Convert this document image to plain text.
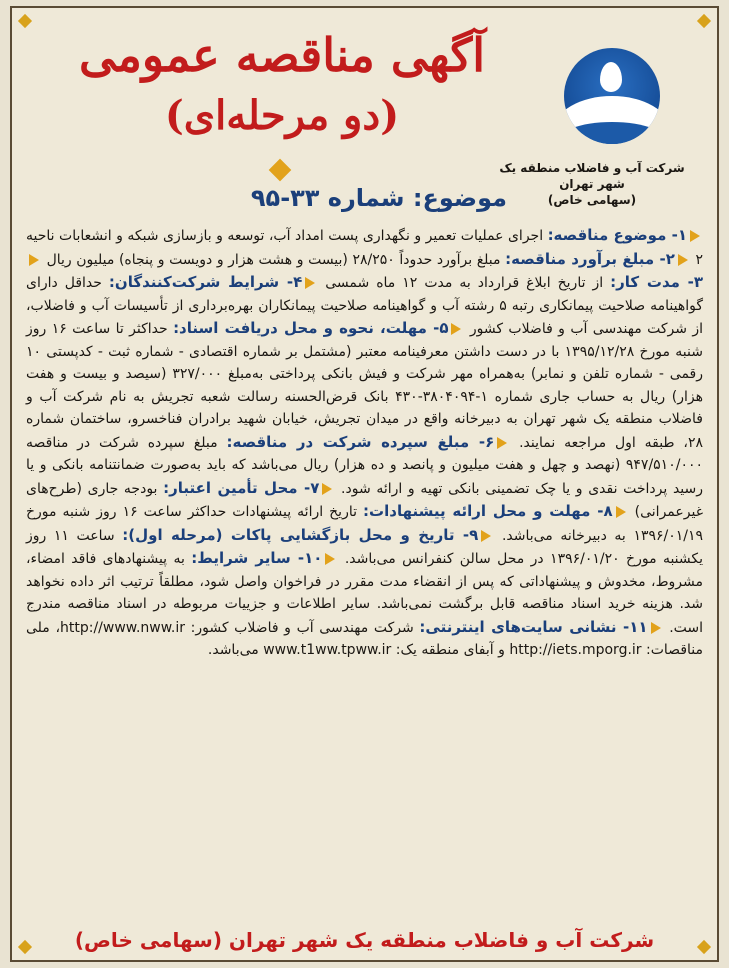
آگهی مناقصه عمومی
(دو مرحله‌ای)
شرکت آب و فاضلاب منطقه یک شهر تهران
(سهامی خاص)
موضوع: شماره ۳۳-۹۵
۱- موضوع مناقصه: اجرای عملیات تعمیر و نگهداری پست امداد آب، توسعه و بازسازی شبکه و انشعابات ناحیه ۲ ۲- مبلغ برآورد مناقصه: مبلغ برآورد حدوداً ۲۸/۲۵۰ (بیست و هشت هزار و دویست و پنجاه) میلیون ریال ۳- مدت کار: از تاریخ ابلاغ قرارداد به مدت ۱۲ ماه شمسی ۴- شرایط شرکت‌کنندگان: حداقل دارای گواهینامه صلاحیت پیمانکاری رتبه ۵ رشته آب و گواهینامه صلاحیت پیمانکاران بهره‌برداری از تأسیسات آب و فاضلاب، از شرکت مهندسی آب و فاضلاب کشور ۵- مهلت، نحوه و محل دریافت اسناد: حداکثر تا ساعت ۱۶ روز شنبه مورخ ۱۳۹۵/۱۲/۲۸ با در دست داشتن معرفینامه معتبر (مشتمل بر شماره اقتصادی - شماره ثبت - کدپستی ۱۰ رقمی - شماره تلفن و نمابر) به‌همراه مهر شرکت و فیش بانکی پرداختی به‌مبلغ ۳۲۷/۰۰۰ (سیصد و بیست و هفت هزار) ریال به حساب جاری شماره ۱-۳۸۰۴۰۹۴-۴۳۰ بانک قرض‌الحسنه رسالت شعبه تجریش به نام شرکت آب و فاضلاب منطقه یک شهر تهران به دبیرخانه واقع در میدان تجریش، خیابان شهید برادران فناخسرو، ساختمان شماره ۲۸، طبقه اول مراجعه نمایند. ۶- مبلغ سپرده شرکت در مناقصه: مبلغ سپرده شرکت در مناقصه ۹۴۷/۵۱۰/۰۰۰ (نهصد و چهل و هفت میلیون و پانصد و ده هزار) ریال می‌باشد که باید به‌صورت ضمانتنامه بانکی و یا رسید پرداخت نقدی و یا چک تضمینی بانکی تهیه و ارائه شود. ۷- محل تأمین اعتبار: بودجه جاری (طرح‌های غیرعمرانی) ۸- مهلت و محل ارائه پیشنهادات: تاریخ ارائه پیشنهادات حداکثر ساعت ۱۶ روز شنبه مورخ ۱۳۹۶/۰۱/۱۹ به دبیرخانه می‌باشد. ۹- تاریخ و محل بازگشایی پاکات (مرحله اول): ساعت ۱۱ روز یکشنبه مورخ ۱۳۹۶/۰۱/۲۰ در محل سالن کنفرانس می‌باشد. ۱۰- سایر شرایط: به پیشنهادهای فاقد امضاء، مشروط، مخدوش و پیشنهاداتی که پس از انقضاء مدت مقرر در فراخوان واصل شود، مطلقاً ترتیب اثر داده نخواهد شد. هزینه خرید اسناد مناقصه قابل برگشت نمی‌باشد. سایر اطلاعات و جزییات مربوطه در اسناد مناقصه مندرج است. ۱۱- نشانی سایت‌های اینترنتی: شرکت مهندسی آب و فاضلاب کشور: http://www.nww.ir، ملی مناقصات: http://iets.mporg.ir و آبفای منطقه یک: www.t1ww.tpww.ir می‌باشد.
شرکت آب و فاضلاب منطقه یک شهر تهران (سهامی خاص)
